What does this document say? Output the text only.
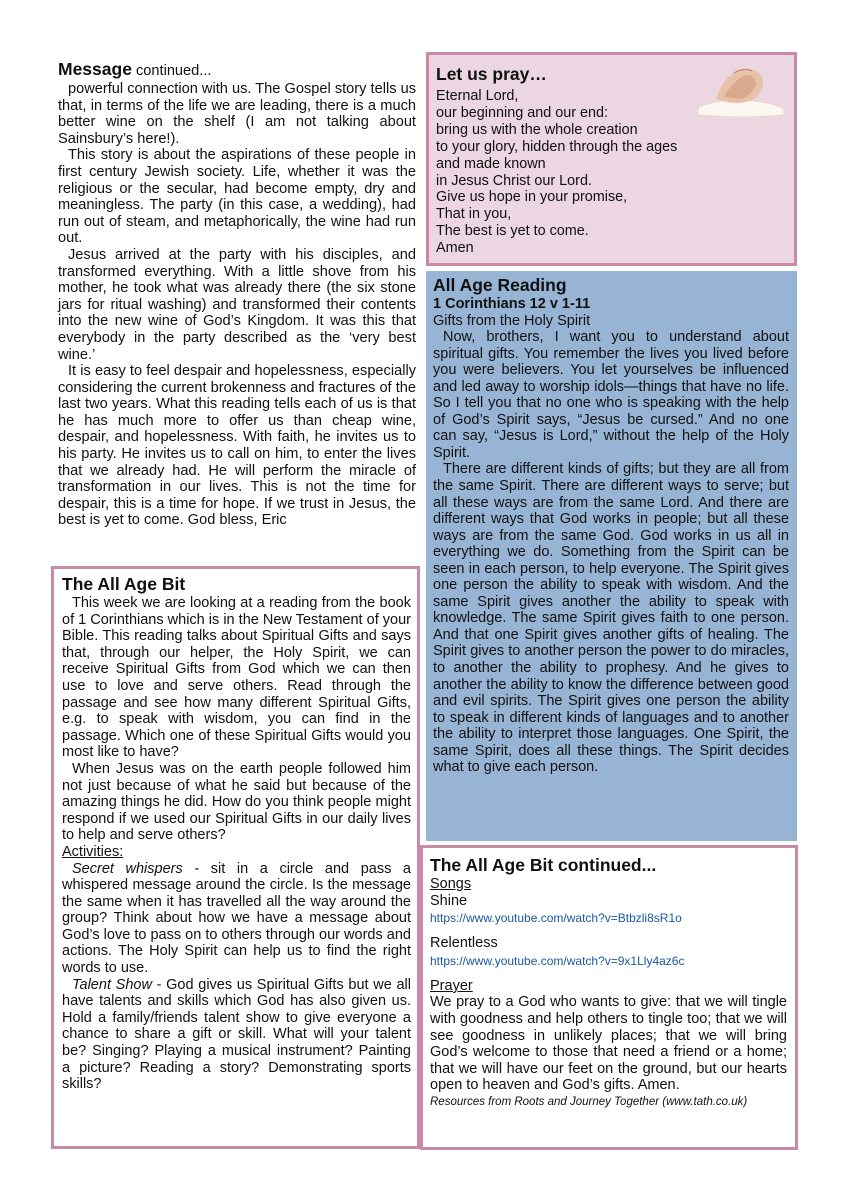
Message continued...

powerful connection with us. The Gospel story tells us that, in terms of the life we are leading, there is a much better wine on the shelf (I am not talking about Sainsbury’s here!).

This story is about the aspirations of these people in first century Jewish society. Life, whether it was the religious or the secular, had become empty, dry and meaningless. The party (in this case, a wedding), had run out of steam, and metaphorically, the wine had run out.

Jesus arrived at the party with his disciples, and transformed everything. With a little shove from his mother, he took what was already there (the six stone jars for ritual washing) and transformed their contents into the new wine of God’s Kingdom. It was this that everybody in the party described as the ‘very best wine.’

It is easy to feel despair and hopelessness, especially considering the current brokenness and fractures of the last two years. What this reading tells each of us is that he has much more to offer us than cheap wine, despair, and hopelessness. With faith, he invites us to his party. He invites us to call on him, to enter the lives that we already had. He will perform the miracle of transformation in our lives. This is not the time for despair, this is a time for hope. If we trust in Jesus, the best is yet to come. God bless, Eric

Let us pray…

Eternal Lord,

our beginning and our end:

bring us with the whole creation

to your glory, hidden through the ages

and made known

in Jesus Christ our Lord.

Give us hope in your promise,

That in you,

The best is yet to come.

Amen

All Age Reading
1 Corinthians 12 v 1-11

Gifts from the Holy Spirit

Now, brothers, I want you to understand about spiritual gifts. You remember the lives you lived before you were believers. You let yourselves be influenced and led away to worship idols—things that have no life. So I tell you that no one who is speaking with the help of God’s Spirit says, “Jesus be cursed.” And no one can say, “Jesus is Lord,” without the help of the Holy Spirit.

There are different kinds of gifts; but they are all from the same Spirit. There are different ways to serve; but all these ways are from the same Lord. And there are different ways that God works in people; but all these ways are from the same God. God works in us all in everything we do. Something from the Spirit can be seen in each person, to help everyone. The Spirit gives one person the ability to speak with wisdom. And the same Spirit gives another the ability to speak with knowledge. The same Spirit gives faith to one person. And that one Spirit gives another gifts of healing. The Spirit gives to another person the power to do miracles, to another the ability to prophesy. And he gives to another the ability to know the difference between good and evil spirits. The Spirit gives one person the ability to speak in different kinds of languages and to another the ability to interpret those languages. One Spirit, the same Spirit, does all these things. The Spirit decides what to give each person.

The All Age Bit

This week we are looking at a reading from the book of 1 Corinthians which is in the New Testament of your Bible. This reading talks about Spiritual Gifts and says that, through our helper, the Holy Spirit, we can receive Spiritual Gifts from God which we can then use to love and serve others. Read through the passage and see how many different Spiritual Gifts, e.g. to speak with wisdom, you can find in the passage. Which one of these Spiritual Gifts would you most like to have?

When Jesus was on the earth people followed him not just because of what he said but because of the amazing things he did. How do you think people might respond if we used our Spiritual Gifts in our daily lives to help and serve others?

Activities:

Secret whispers - sit in a circle and pass a whispered message around the circle. Is the message the same when it has travelled all the way around the group? Think about how we have a message about God’s love to pass on to others through our words and actions. The Holy Spirit can help us to find the right words to use.

Talent Show - God gives us Spiritual Gifts but we all have talents and skills which God has also given us. Hold a family/friends talent show to give everyone a chance to share a gift or skill. What will your talent be? Singing? Playing a musical instrument? Painting a picture? Reading a story? Demonstrating sports skills?

The All Age Bit continued...

Songs

Shine

https://www.youtube.com/watch?v=Btbzli8sR1o

Relentless

https://www.youtube.com/watch?v=9x1Lly4az6c

Prayer

We pray to a God who wants to give: that we will tingle with goodness and help others to tingle too; that we will see goodness in unlikely places; that we will bring God’s welcome to those that need a friend or a home; that we will have our feet on the ground, but our hearts open to heaven and God’s gifts. Amen.

Resources from Roots and Journey Together (www.tath.co.uk)
